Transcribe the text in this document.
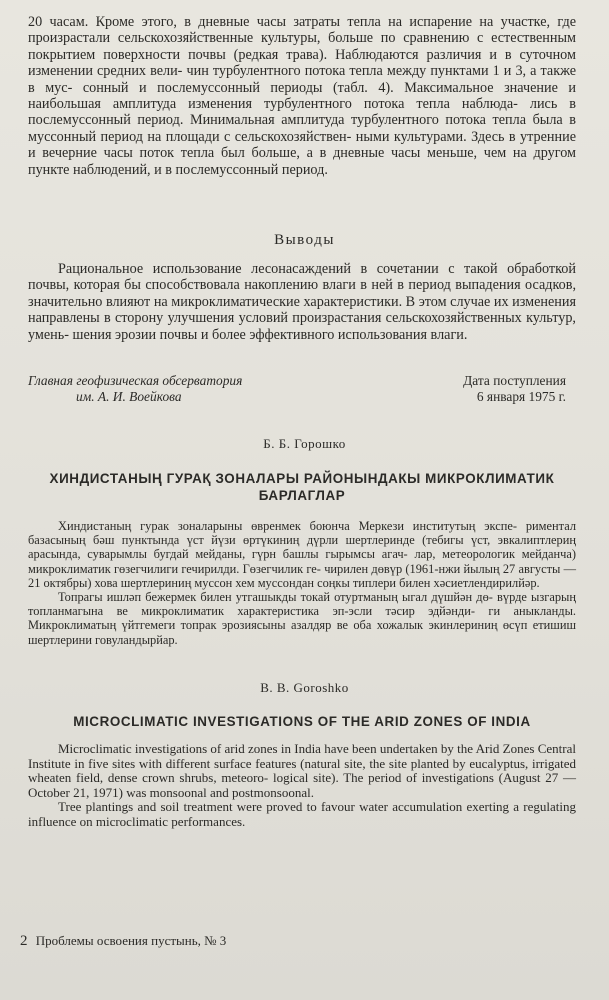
20 часам. Кроме этого, в дневные часы затраты тепла на испарение на участке, где произрастали сельскохозяйственные культуры, больше по сравнению с естественным покрытием поверхности почвы (редкая трава). Наблюдаются различия и в суточном изменении средних вели- чин турбулентного потока тепла между пунктами 1 и 3, а также в мус- сонный и послемуссонный периоды (табл. 4). Максимальное значение и наибольшая амплитуда изменения турбулентного потока тепла наблюда- лись в послемуссонный период. Минимальная амплитуда турбулентного потока тепла была в муссонный период на площади с сельскохозяйствен- ными культурами. Здесь в утренние и вечерние часы поток тепла был больше, а в дневные часы меньше, чем на другом пункте наблюдений, и в послемуссонный период.

Выводы

Рациональное использование лесонасаждений в сочетании с такой обработкой почвы, которая бы способствовала накоплению влаги в ней в период выпадения осадков, значительно влияют на микроклиматические характеристики. В этом случае их изменения направлены в сторону улучшения условий произрастания сельскохозяйственных культур, умень- шения эрозии почвы и более эффективного использования влаги.

Главная геофизическая обсерватория
им. А. И. Воейкова
Дата поступления
6 января 1975 г.
Б. Б. Горошко
ХИНДИСТАНЫҢ ГУРАҚ ЗОНАЛАРЫ РАЙОНЫНДАКЫ МИКРОКЛИМАТИК
БАРЛАГЛАР

Хиндистаның гурак зоналарыны өвренмек боюнча Меркези институтың экспе- риментал базасының бәш пунктында үст йүзи өртүкиниң дүрли шертлеринде (тебигы үст, эвкалиптлериң арасында, суварымлы бугдай мейданы, гүрн башлы гырымсы агач- лар, метеорологик мейданча) микроклиматик гөзегчилиги гечирилди. Гөзегчилик ге- чирилен дөвүр (1961-нжи йылың 27 августы — 21 октябры) хова шертлериниң муссон хем муссондан соңкы типлери билен хәсиетлендирилйәр.

Топрагы ишләп бежермек билен утгашыкды токай отуртманың ыгал дүшйән дө- вүрде ызгарың топланмагына ве микроклиматик характеристика эп-эсли тәсир эдйәнди- ги аныкланды. Микроклиматың үйтгемеги топрак эрозиясыны азалдяр ве оба хожалык экинлериниң өсүп етишиш шертлерини говуландырйар.

B. B. Goroshko
MICROCLIMATIC INVESTIGATIONS OF THE ARID ZONES OF INDIA

Microclimatic investigations of arid zones in India have been undertaken by the Arid Zones Central Institute in five sites with different surface features (natural site, the site planted by eucalyptus, irrigated wheaten field, dense crown shrubs, meteoro- logical site). The period of investigations (August 27 — October 21, 1971) was monsoonal and postmonsoonal.

Tree plantings and soil treatment were proved to favour water accumulation exerting a regulating influence on microclimatic performances.

2 Проблемы освоения пустынь, № 3
